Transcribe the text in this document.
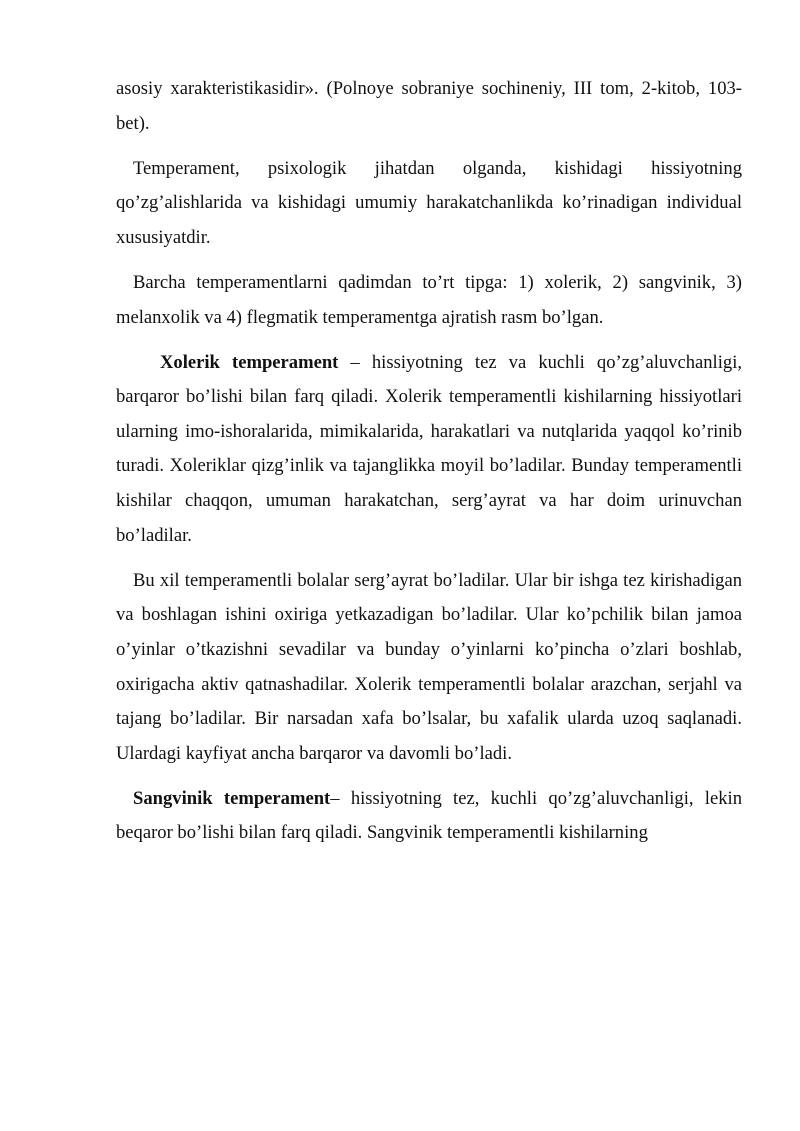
asosiy xarakteristikasidir». (Polnoye sobraniye sochineniy, III tom, 2-kitob, 103-bet).

Temperament, psixologik jihatdan olganda, kishidagi hissiyotning qo’zg’alishlarida va kishidagi umumiy harakatchanlikda ko’rinadigan individual xususiyatdir.

Barcha temperamentlarni qadimdan to’rt tipga: 1) xolerik, 2) sangvinik, 3) melanxolik va 4) flegmatik temperamentga ajratish rasm bo’lgan.

Xolerik temperament – hissiyotning tez va kuchli qo’zg’aluvchanligi, barqaror bo’lishi bilan farq qiladi. Xolerik temperamentli kishilarning hissiyotlari ularning imo-ishoralarida, mimikalarida, harakatlari va nutqlarida yaqqol ko’rinib turadi. Xoleriklar qizg’inlik va tajanglikka moyil bo’ladilar. Bunday temperamentli kishilar chaqqon, umuman harakatchan, serg’ayrat va har doim urinuvchan bo’ladilar.

Bu xil temperamentli bolalar serg’ayrat bo’ladilar. Ular bir ishga tez kirishadigan va boshlagan ishini oxiriga yetkazadigan bo’ladilar. Ular ko’pchilik bilan jamoa o’yinlar o’tkazishni sevadilar va bunday o’yinlarni ko’pincha o’zlari boshlab, oxirigacha aktiv qatnashadilar. Xolerik temperamentli bolalar arazchan, serjahl va tajang bo’ladilar. Bir narsadan xafa bo’lsalar, bu xafalik ularda uzoq saqlanadi. Ulardagi kayfiyat ancha barqaror va davomli bo’ladi.

Sangvinik temperament– hissiyotning tez, kuchli qo’zg’aluvchanligi, lekin beqaror bo’lishi bilan farq qiladi. Sangvinik temperamentli kishilarning
